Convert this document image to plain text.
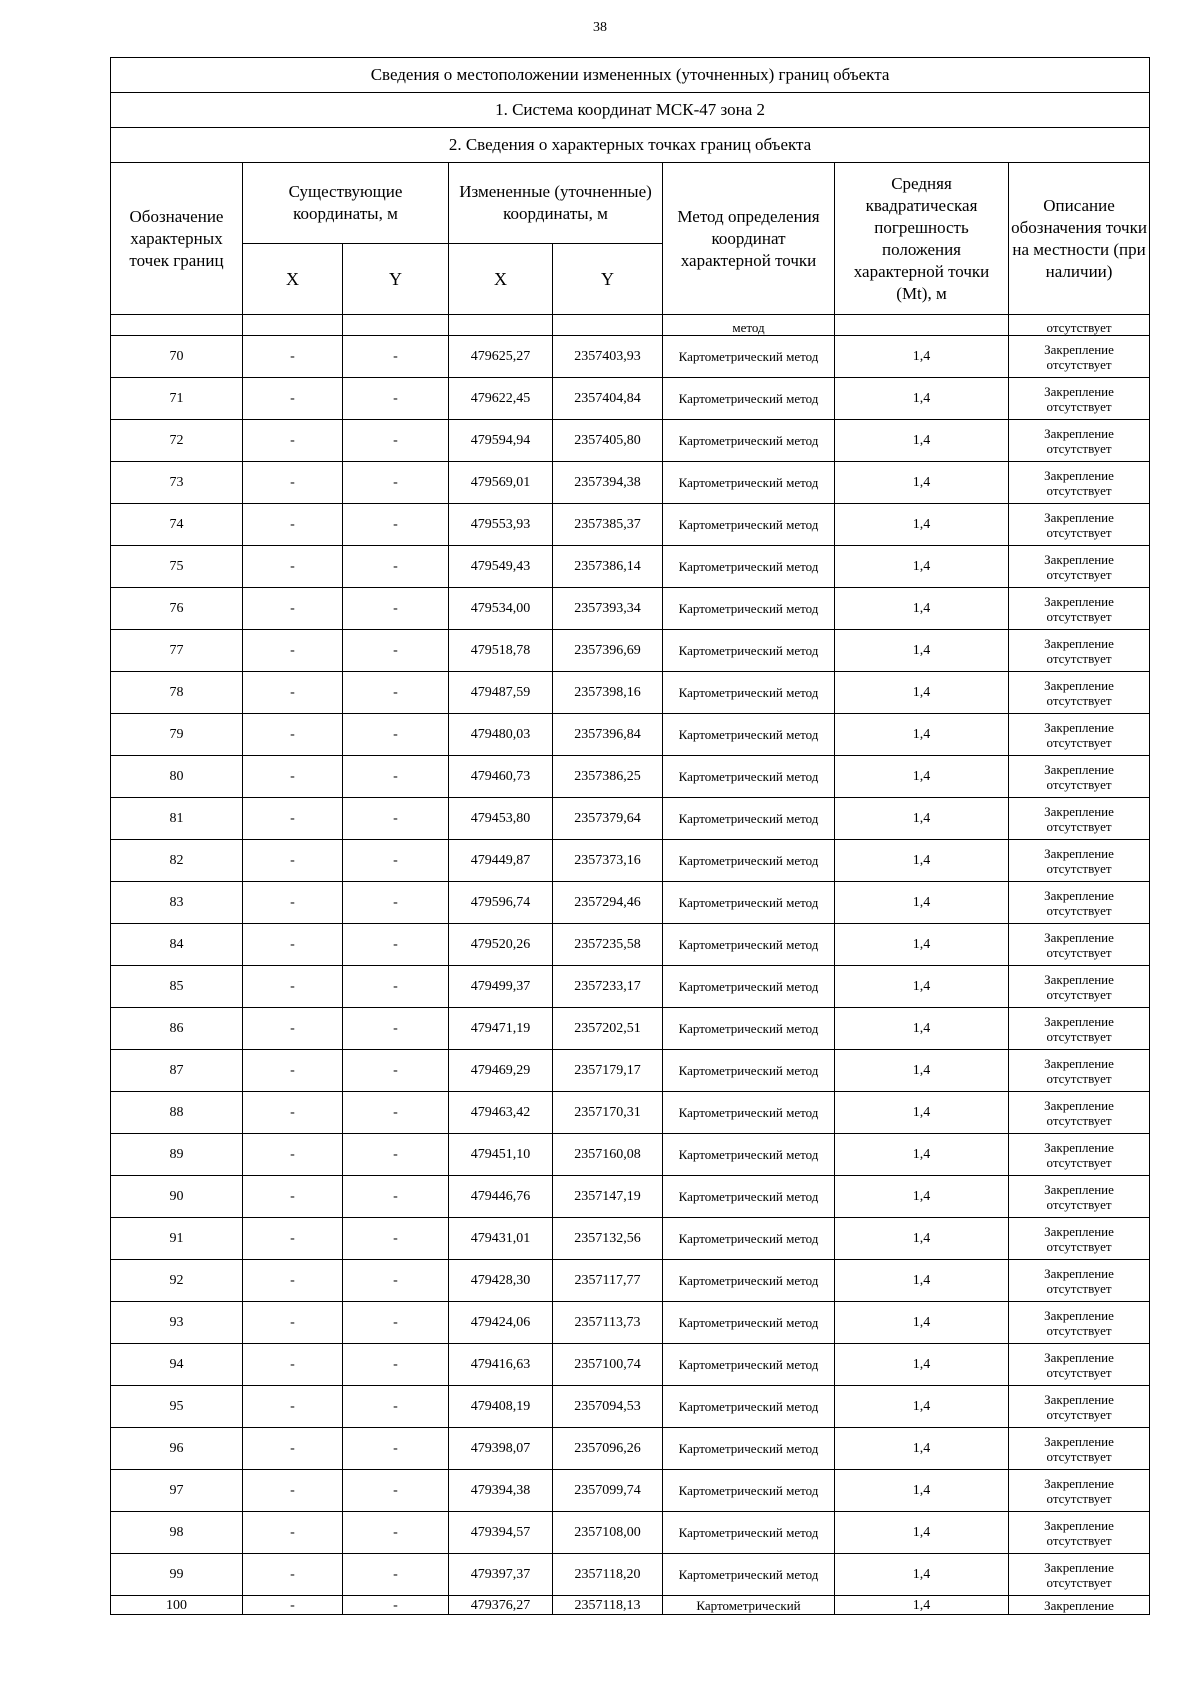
38
Сведения о местоположении измененных (уточненных) границ объекта							
1. Система координат МСК-47 зона 2							
2. Сведения о характерных точках границ объекта							
Обозначение характерных точек границ	Существующие координаты, м		Измененные (уточненные) координаты, м		Метод определения координат характерной точки	Средняя квадратическая погрешность положения характерной точки (Mt), м	Описание обозначения точки на местности (при наличии)
	X	Y	X	Y			
					метод		отсутствует
70	-	-	479625,27	2357403,93	Картометрический метод	1,4	Закрепление отсутствует
71	-	-	479622,45	2357404,84	Картометрический метод	1,4	Закрепление отсутствует
72	-	-	479594,94	2357405,80	Картометрический метод	1,4	Закрепление отсутствует
73	-	-	479569,01	2357394,38	Картометрический метод	1,4	Закрепление отсутствует
74	-	-	479553,93	2357385,37	Картометрический метод	1,4	Закрепление отсутствует
75	-	-	479549,43	2357386,14	Картометрический метод	1,4	Закрепление отсутствует
76	-	-	479534,00	2357393,34	Картометрический метод	1,4	Закрепление отсутствует
77	-	-	479518,78	2357396,69	Картометрический метод	1,4	Закрепление отсутствует
78	-	-	479487,59	2357398,16	Картометрический метод	1,4	Закрепление отсутствует
79	-	-	479480,03	2357396,84	Картометрический метод	1,4	Закрепление отсутствует
80	-	-	479460,73	2357386,25	Картометрический метод	1,4	Закрепление отсутствует
81	-	-	479453,80	2357379,64	Картометрический метод	1,4	Закрепление отсутствует
82	-	-	479449,87	2357373,16	Картометрический метод	1,4	Закрепление отсутствует
83	-	-	479596,74	2357294,46	Картометрический метод	1,4	Закрепление отсутствует
84	-	-	479520,26	2357235,58	Картометрический метод	1,4	Закрепление отсутствует
85	-	-	479499,37	2357233,17	Картометрический метод	1,4	Закрепление отсутствует
86	-	-	479471,19	2357202,51	Картометрический метод	1,4	Закрепление отсутствует
87	-	-	479469,29	2357179,17	Картометрический метод	1,4	Закрепление отсутствует
88	-	-	479463,42	2357170,31	Картометрический метод	1,4	Закрепление отсутствует
89	-	-	479451,10	2357160,08	Картометрический метод	1,4	Закрепление отсутствует
90	-	-	479446,76	2357147,19	Картометрический метод	1,4	Закрепление отсутствует
91	-	-	479431,01	2357132,56	Картометрический метод	1,4	Закрепление отсутствует
92	-	-	479428,30	2357117,77	Картометрический метод	1,4	Закрепление отсутствует
93	-	-	479424,06	2357113,73	Картометрический метод	1,4	Закрепление отсутствует
94	-	-	479416,63	2357100,74	Картометрический метод	1,4	Закрепление отсутствует
95	-	-	479408,19	2357094,53	Картометрический метод	1,4	Закрепление отсутствует
96	-	-	479398,07	2357096,26	Картометрический метод	1,4	Закрепление отсутствует
97	-	-	479394,38	2357099,74	Картометрический метод	1,4	Закрепление отсутствует
98	-	-	479394,57	2357108,00	Картометрический метод	1,4	Закрепление отсутствует
99	-	-	479397,37	2357118,20	Картометрический метод	1,4	Закрепление отсутствует
100	-	-	479376,27	2357118,13	Картометрический	1,4	Закрепление
